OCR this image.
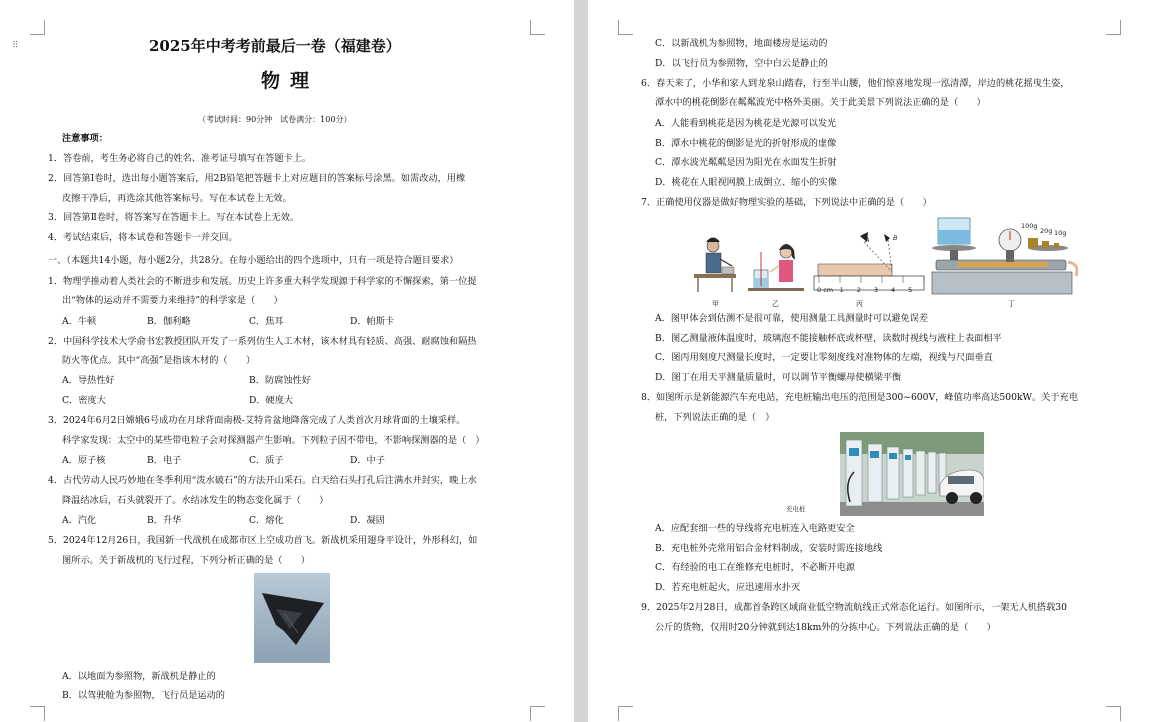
⠿	2025年中考考前最后一卷（福建卷）
物理
（考试时间：90分钟　试卷满分：100分）
注意事项：
1．答卷前，考生务必将自己的姓名、准考证号填写在答题卡上。
2．回答第Ⅰ卷时，选出每小题答案后，用2B铅笔把答题卡上对应题目的答案标号涂黑。如需改动，用橡
皮擦干净后，再选涂其他答案标号。写在本试卷上无效。
3．回答第Ⅱ卷时，将答案写在答题卡上。写在本试卷上无效。
4．考试结束后，将本试卷和答题卡一并交回。
一、（本题共14小题，每小题2分，共28分。在每小题给出的四个选项中，只有一项是符合题目要求）
1．物理学推动着人类社会的不断进步和发展。历史上许多重大科学发现源于科学家的不懈探索，第一位提
出“物体的运动并不需要力来维持”的科学家是（　　）
A．牛顿	B．伽利略	C．焦耳	D．帕斯卡
2．中国科学技术大学俞书宏教授团队开发了一系列仿生人工木材，该木材具有轻质、高强、耐腐蚀和隔热
防火等优点。其中“高强”是指该木材的（　　）
A．导热性好	B．防腐蚀性好
C．密度大	D．硬度大
3．2024年6月2日嫦娥6号成功在月球背面南极-艾特肯盆地降落完成了人类首次月球背面的土壤采样。
科学家发现：太空中的某些带电粒子会对探测器产生影响。下列粒子因不带电，不影响探测器的是（　）
A．原子核	B．电子	C．质子	D．中子
4．古代劳动人民巧妙地在冬季利用“泼水破石”的方法开山采石。白天给石头打孔后注满水并封实，晚上水
降温结冰后，石头就裂开了。水结冰发生的物态变化属于（　　）
A．汽化	B．升华	C．熔化	D．凝固
5．2024年12月26日，我国新一代战机在成都市区上空成功首飞。新战机采用翅身平设计，外形科幻，如
图所示。关于新战机的飞行过程，下列分析正确的是（　　）
A．以地面为参照物，新战机是静止的
B．以驾驶舱为参照物，飞行员是运动的
C．以新战机为参照物，地面楼房是运动的
D．以飞行员为参照物，空中白云是静止的
6．春天来了，小华和家人到龙泉山踏春，行至半山腰，他们惊喜地发现一泓清潭，岸边的桃花摇曳生姿，
潭水中的桃花倒影在粼粼波光中格外美丽。关于此美景下列说法正确的是（　　）
A．人能看到桃花是因为桃花是光源可以发光
B．潭水中桃花的倒影是光的折射形成的虚像
C．潭水波光粼粼是因为阳光在水面发生折射
D．桃花在人眼视网膜上成倒立、缩小的实像
7．正确使用仪器是做好物理实验的基础，下列说法中正确的是（　　）
甲	乙	丙	丁
0 cm　1　　2　　3　　4　　5
100g
20g 10g
A	B
A．图甲体会到估测不是很可靠，使用测量工具测量时可以避免误差
B．图乙测量液体温度时，玻璃泡不能接触杯底或杯壁，读数时视线与液柱上表面相平
C．图丙用刻度尺测量长度时，一定要让零刻度线对准物体的左端，视线与尺面垂直
D．图丁在用天平测量质量时，可以调节平衡螺母使横梁平衡
8．如图所示是新能源汽车充电站，充电桩输出电压的范围是300~600V，峰值功率高达500kW。关于充电
桩，下列说法正确的是（　）
充电桩
A．应配套细一些的导线将充电桩连入电路更安全
B．充电桩外壳常用铝合金材料制成，安装时需连接地线
C．有经验的电工在维修充电桩时，不必断开电源
D．若充电桩起火，应迅速用水扑灭
9．2025年2月28日，成都首条跨区域商业低空物流航线正式常态化运行。如图所示，一架无人机搭载30
公斤的货物，仅用时20分钟就到达18km外的分拣中心。下列说法正确的是（　　）
